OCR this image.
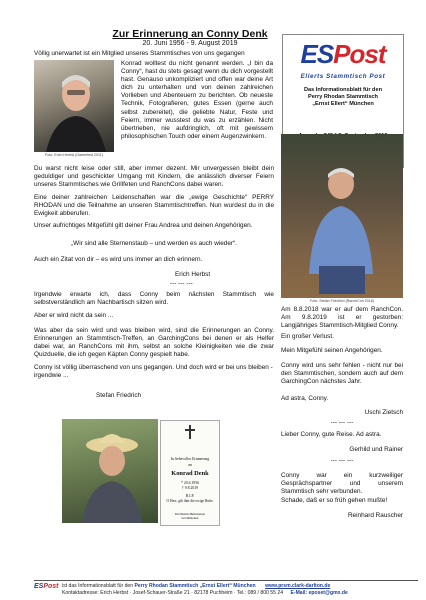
Zur Erinnerung an Conny Denk
20. Juni 1956 - 9. August 2019
Völlig unerwartet ist ein Mitglied unseres Stammtisches von uns gegangen
Foto: Erich Herbst (Gartenfest 2011)
Konrad wolltest du nicht genannt werden. „I bin da Conny“, hast du stets gesagt wenn du dich vorgestellt hast. Genauso unkompliziert und offen war deine Art dich zu unterhalten und von deinen zahlreichen Vorlieben und Abenteuern zu berichten. Ob neueste Technik, Fotografieren, gutes Essen (gerne auch selbst zubereitet), die geliebte Natur, Feste und Feiern, immer wusstest du was zu erzählen. Nicht übertrieben, nie aufdringlich, oft mit gewissem philosophischen Touch oder einem Augenzwinkern.
Du warst nicht leise oder still, aber immer dezent. Mir unvergessen bleibt dein geduldiger und geschickter Umgang mit Kindern, die anlässlich diverser Feiern unseres Stammtisches wie Grillfeten und RanchCons dabei waren.
Eine deiner zahlreichen Leidenschaften war die „ewige Geschichte“ PERRY RHODAN und die Teilnahme an unseren Stammtischtreffen. Nun wurdest du in die Ewigkeit abberufen.
Unser aufrichtiges Mitgefühl gilt deiner Frau Andrea und deinen Angehörigen.
„Wir sind alle Sternenstaub – und werden es auch wieder“.
Auch ein Zitat von dir – es wird uns immer an dich erinnern.
Erich Herbst
--- --- ---
Irgendwie erwarte ich, dass Conny beim nächsten Stammtisch wie selbstverständlich am Nachbartisch sitzen wird.
Aber er wird nicht da sein ...
Was aber da sein wird und was bleiben wird, sind die Erinnerungen an Conny. Erinnerungen an Stammtisch-Treffen, an GarchingCons bei denen er als Helfer dabei war, an RanchCons mit ihm, selbst an solche Kleinigkeiten wie die zwar Quizduelle, die ich gegen Käpten Conny gespielt habe.
Conny ist völlig überraschend von uns gegangen. Und doch wird er bei uns bleiben - irgendwie ...
Stefan Friedrich
In liebevoller Erinnerung
an
Konrad Denk
* 20.6.1956
† 9.8.2019
R.I.P.
O Herr, gib ihm die ewige Ruhe.
Kirchheim-Heimstetten
bei München
ESPost
Ellerts Stammtisch Post
Das Informationsblatt für den
Perry Rhodan Stammtisch
„Ernst Ellert“ München
Foto: Stefan Friedrich (RanchCon 2018)
Am 8.8.2018 war er auf dem RanchCon. Am 9.8.2019 ist er gestorben: Langjähriges Stammtisch-Mitglied Conny.
Ein großer Verlust.
Mein Mitgefühl seinen Angehörigen.
Conny wird uns sehr fehlen - nicht nur bei den Stammtischen, sondern auch auf dem GarchingCon nächstes Jahr.
Ad astra, Conny.
Uschi Zietsch
--- --- ---
Lieber Conny, gute Reise. Ad astra.
Gerhild und Rainer
--- --- ---
Conny war ein kurzweiliger Gesprächspartner und unserem Stammtisch sehr verbunden.
Schade, daß er so früh gehen mußte!
Reinhard Rauscher
ESPost ist das Informationsblatt für den Perry Rhodan Stammtisch „Ernst Ellert“ München www.prsm.clark-darlton.de
Kontaktadresse: Erich Herbst · Josef-Schauer-Straße 21 · 82178 Puchheim · Tel.: 089 / 800 55 24 E-Mail: eposet@gmx.de
